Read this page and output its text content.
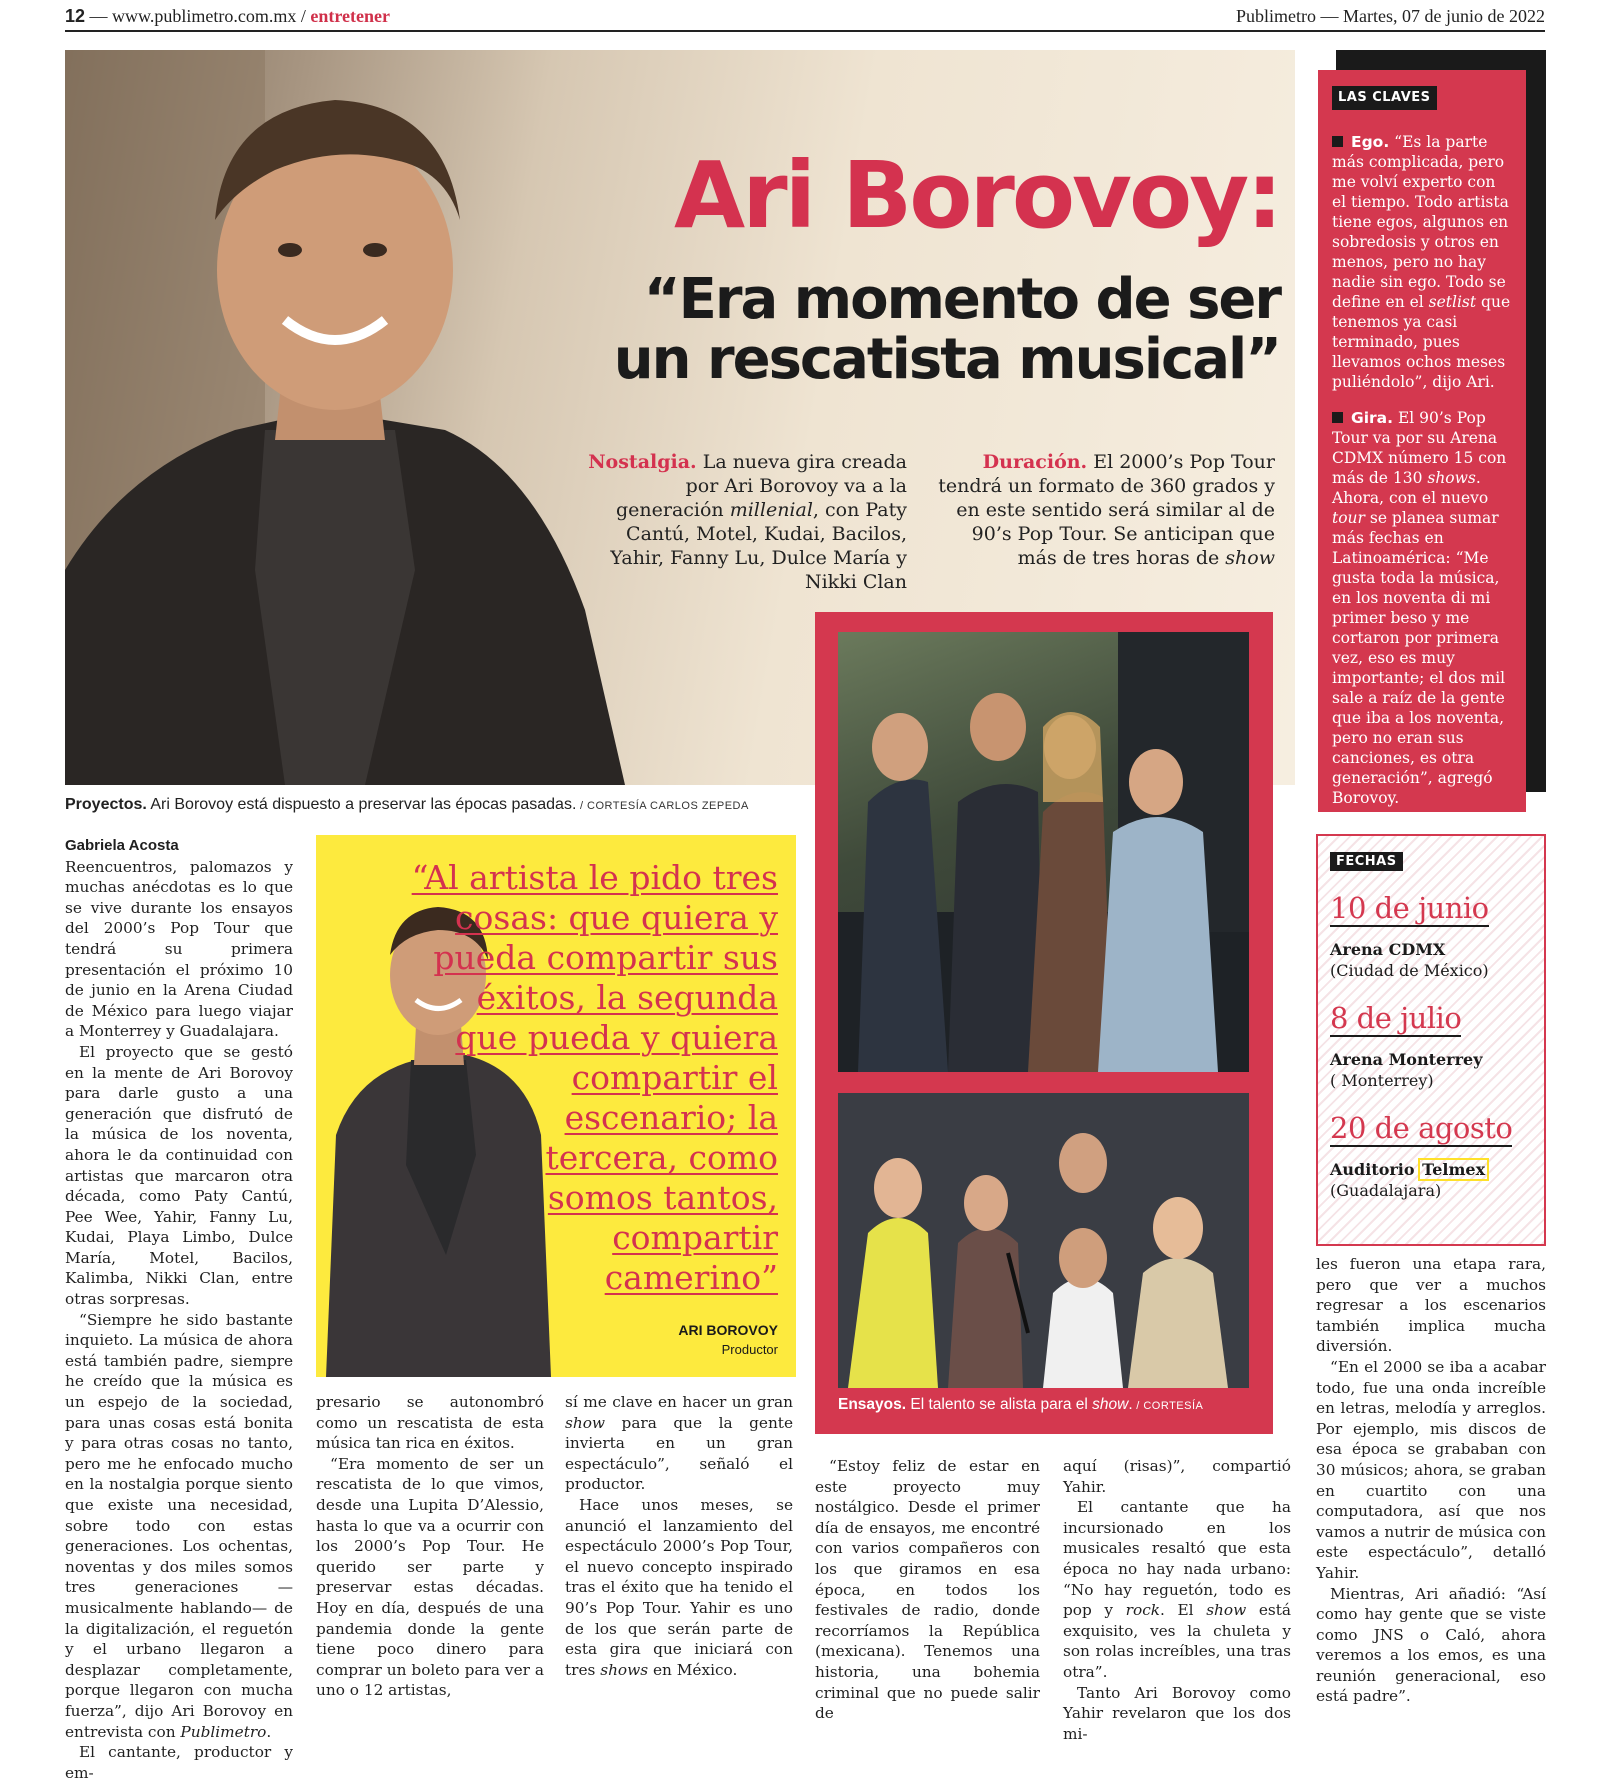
12 — www.publimetro.com.mx / entretener	Publimetro — Martes, 07 de junio de 2022
Ari Borovoy:
“Era momento de ser
un rescatista musical”
Nostalgia. La nueva gira creada por Ari Borovoy va a la generación millenial, con Paty Cantú, Motel, Kudai, Bacilos, Yahir, Fanny Lu, Dulce María y Nikki Clan
Duración. El 2000’s Pop Tour tendrá un formato de 360 grados y en este sentido será similar al de 90’s Pop Tour. Se anticipan que más de tres horas de show
Proyectos. Ari Borovoy está dispuesto a preservar las épocas pasadas. / CORTESÍA CARLOS ZEPEDA
LAS CLAVES

Ego. “Es la parte más complicada, pero me volví experto con el tiempo. Todo artista tiene egos, algunos en sobredosis y otros en menos, pero no hay nadie sin ego. Todo se define en el setlist que tenemos ya casi terminado, pues llevamos ochos meses puliéndolo”, dijo Ari.

Gira. El 90’s Pop Tour va por su Arena CDMX número 15 con más de 130 shows. Ahora, con el nuevo tour se planea sumar más fechas en Latinoamérica: “Me gusta toda la música, en los noventa di mi primer beso y me cortaron por primera vez, eso es muy importante; el dos mil sale a raíz de la gente que iba a los noventa, pero no eran sus canciones, es otra generación”, agregó Borovoy.

FECHAS
10 de junio
Arena CDMX
(Ciudad de México)
8 de julio
Arena Monterrey
( Monterrey)
20 de agosto
Auditorio Telmex
(Guadalajara)
Gabriela Acosta

Reencuentros, palomazos y muchas anécdotas es lo que se vive durante los ensayos del 2000’s Pop Tour que tendrá su primera presentación el próximo 10 de junio en la Arena Ciudad de México para luego viajar a Monterrey y Guadalajara.

El proyecto que se gestó en la mente de Ari Borovoy para darle gusto a una generación que disfrutó de la música de los noventa, ahora le da continuidad con artistas que marcaron otra década, como Paty Cantú, Pee Wee, Yahir, Fanny Lu, Kudai, Playa Limbo, Dulce María, Motel, Bacilos, Kalimba, Nikki Clan, entre otras sorpresas.

“Siempre he sido bastante inquieto. La música de ahora está también padre, siempre he creído que la música es un espejo de la sociedad, para unas cosas está bonita y para otras cosas no tanto, pero me he enfocado mucho en la nostalgia porque siento que existe una necesidad, sobre todo con estas generaciones. Los ochentas, noventas y dos miles somos tres generaciones —musicalmente hablando— de la digitalización, el reguetón y el urbano llegaron a desplazar completamente, porque llegaron con mucha fuerza”, dijo Ari Borovoy en entrevista con Publimetro.

El cantante, productor y em-

“Al artista le pido tres
cosas: que quiera y
pueda compartir sus
éxitos, la segunda
que pueda y quiera
compartir el
escenario; la
tercera, como
somos tantos,
compartir
camerino”
ARI BOROVOY
Productor

presario se autonombró como un rescatista de esta música tan rica en éxitos.

“Era momento de ser un rescatista de lo que vimos, desde una Lupita D’Alessio, hasta lo que va a ocurrir con los 2000’s Pop Tour. He querido ser parte y preservar estas décadas. Hoy en día, después de una pandemia donde la gente tiene poco dinero para comprar un boleto para ver a uno o 12 artistas,

sí me clave en hacer un gran show para que la gente invierta en un gran espectáculo”, señaló el productor.

Hace unos meses, se anunció el lanzamiento del espectáculo 2000’s Pop Tour, el nuevo concepto inspirado tras el éxito que ha tenido el 90’s Pop Tour. Yahir es uno de los que serán parte de esta gira que iniciará con tres shows en México.

Ensayos. El talento se alista para el show. / CORTESÍA

“Estoy feliz de estar en este proyecto muy nostálgico. Desde el primer día de ensayos, me encontré con varios compañeros con los que giramos en esa época, en todos los festivales de radio, donde recorríamos la República (mexicana). Tenemos una historia, una bohemia criminal que no puede salir de

aquí (risas)”, compartió Yahir.

El cantante que ha incursionado en los musicales resaltó que esta época no hay nada urbano: “No hay reguetón, todo es pop y rock. El show está exquisito, ves la chuleta y son rolas increíbles, una tras otra”.

Tanto Ari Borovoy como Yahir revelaron que los dos mi-

les fueron una etapa rara, pero que ver a muchos regresar a los escenarios también implica mucha diversión.

“En el 2000 se iba a acabar todo, fue una onda increíble en letras, melodía y arreglos. Por ejemplo, mis discos de esa época se grababan con 30 músicos; ahora, se graban en cuartito con una computadora, así que nos vamos a nutrir de música con este espectáculo”, detalló Yahir.

Mientras, Ari añadió: “Así como hay gente que se viste como JNS o Caló, ahora veremos a los emos, es una reunión generacional, eso está padre”.
